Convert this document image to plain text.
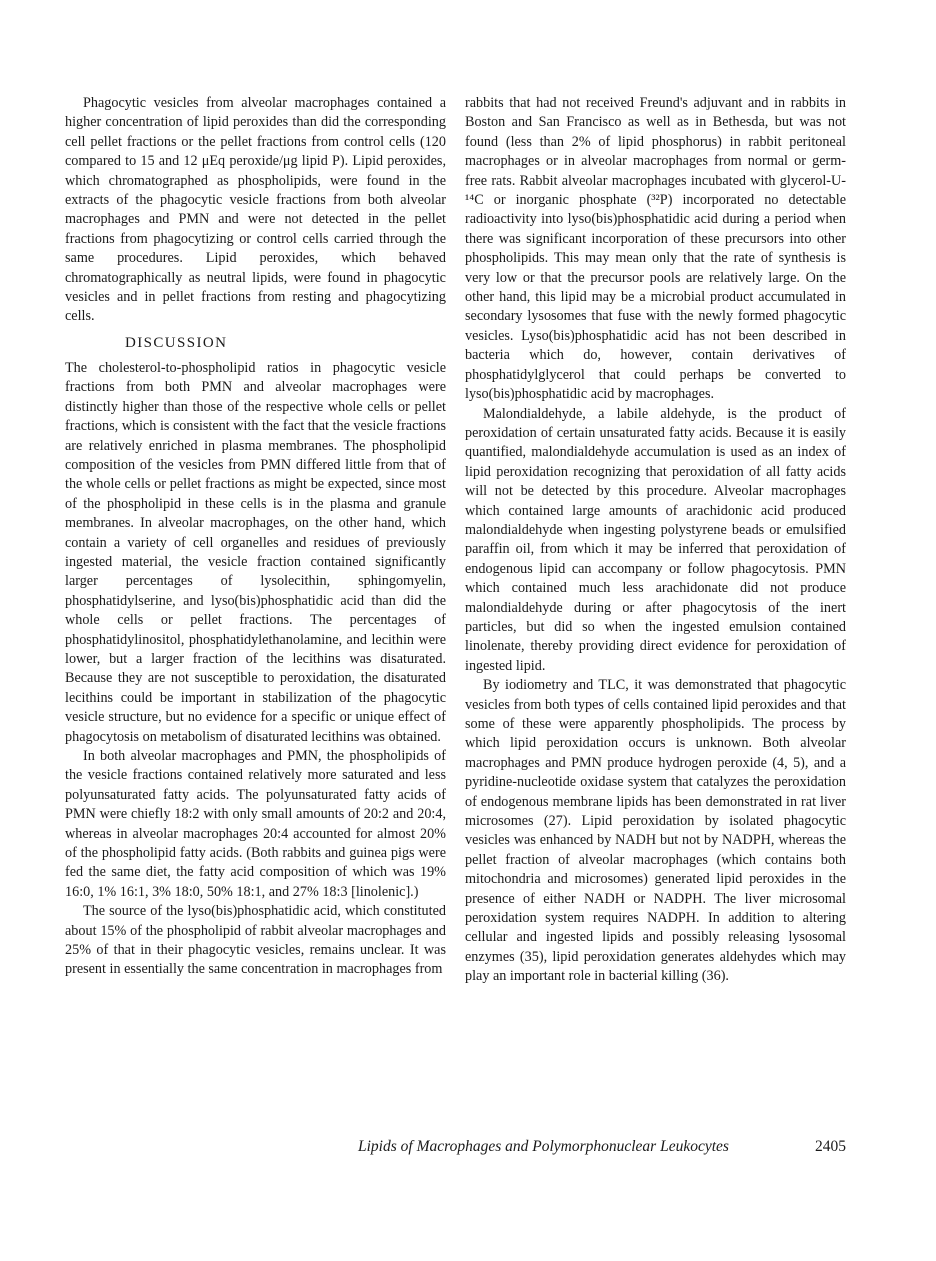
Phagocytic vesicles from alveolar macrophages contained a higher concentration of lipid peroxides than did the corresponding cell pellet fractions or the pellet fractions from control cells (120 compared to 15 and 12 μEq peroxide/μg lipid P). Lipid peroxides, which chromatographed as phospholipids, were found in the extracts of the phagocytic vesicle fractions from both alveolar macrophages and PMN and were not detected in the pellet fractions from phagocytizing or control cells carried through the same procedures. Lipid peroxides, which behaved chromatographically as neutral lipids, were found in phagocytic vesicles and in pellet fractions from resting and phagocytizing cells.

DISCUSSION

The cholesterol-to-phospholipid ratios in phagocytic vesicle fractions from both PMN and alveolar macrophages were distinctly higher than those of the respective whole cells or pellet fractions, which is consistent with the fact that the vesicle fractions are relatively enriched in plasma membranes. The phospholipid composition of the vesicles from PMN differed little from that of the whole cells or pellet fractions as might be expected, since most of the phospholipid in these cells is in the plasma and granule membranes. In alveolar macrophages, on the other hand, which contain a variety of cell organelles and residues of previously ingested material, the vesicle fraction contained significantly larger percentages of lysolecithin, sphingomyelin, phosphatidylserine, and lyso(bis)phosphatidic acid than did the whole cells or pellet fractions. The percentages of phosphatidylinositol, phosphatidylethanolamine, and lecithin were lower, but a larger fraction of the lecithins was disaturated. Because they are not susceptible to peroxidation, the disaturated lecithins could be important in stabilization of the phagocytic vesicle structure, but no evidence for a specific or unique effect of phagocytosis on metabolism of disaturated lecithins was obtained.

In both alveolar macrophages and PMN, the phospholipids of the vesicle fractions contained relatively more saturated and less polyunsaturated fatty acids. The polyunsaturated fatty acids of PMN were chiefly 18:2 with only small amounts of 20:2 and 20:4, whereas in alveolar macrophages 20:4 accounted for almost 20% of the phospholipid fatty acids. (Both rabbits and guinea pigs were fed the same diet, the fatty acid composition of which was 19% 16:0, 1% 16:1, 3% 18:0, 50% 18:1, and 27% 18:3 [linolenic].)

The source of the lyso(bis)phosphatidic acid, which constituted about 15% of the phospholipid of rabbit alveolar macrophages and 25% of that in their phagocytic vesicles, remains unclear. It was present in essentially the same concentration in macrophages from

rabbits that had not received Freund's adjuvant and in rabbits in Boston and San Francisco as well as in Bethesda, but was not found (less than 2% of lipid phosphorus) in rabbit peritoneal macrophages or in alveolar macrophages from normal or germ-free rats. Rabbit alveolar macrophages incubated with glycerol-U-¹⁴C or inorganic phosphate (³²P) incorporated no detectable radioactivity into lyso(bis)phosphatidic acid during a period when there was significant incorporation of these precursors into other phospholipids. This may mean only that the rate of synthesis is very low or that the precursor pools are relatively large. On the other hand, this lipid may be a microbial product accumulated in secondary lysosomes that fuse with the newly formed phagocytic vesicles. Lyso(bis)phosphatidic acid has not been described in bacteria which do, however, contain derivatives of phosphatidylglycerol that could perhaps be converted to lyso(bis)phosphatidic acid by macrophages.

Malondialdehyde, a labile aldehyde, is the product of peroxidation of certain unsaturated fatty acids. Because it is easily quantified, malondialdehyde accumulation is used as an index of lipid peroxidation recognizing that peroxidation of all fatty acids will not be detected by this procedure. Alveolar macrophages which contained large amounts of arachidonic acid produced malondialdehyde when ingesting polystyrene beads or emulsified paraffin oil, from which it may be inferred that peroxidation of endogenous lipid can accompany or follow phagocytosis. PMN which contained much less arachidonate did not produce malondialdehyde during or after phagocytosis of the inert particles, but did so when the ingested emulsion contained linolenate, thereby providing direct evidence for peroxidation of ingested lipid.

By iodiometry and TLC, it was demonstrated that phagocytic vesicles from both types of cells contained lipid peroxides and that some of these were apparently phospholipids. The process by which lipid peroxidation occurs is unknown. Both alveolar macrophages and PMN produce hydrogen peroxide (4, 5), and a pyridine-nucleotide oxidase system that catalyzes the peroxidation of endogenous membrane lipids has been demonstrated in rat liver microsomes (27). Lipid peroxidation by isolated phagocytic vesicles was enhanced by NADH but not by NADPH, whereas the pellet fraction of alveolar macrophages (which contains both mitochondria and microsomes) generated lipid peroxides in the presence of either NADH or NADPH. The liver microsomal peroxidation system requires NADPH. In addition to altering cellular and ingested lipids and possibly releasing lysosomal enzymes (35), lipid peroxidation generates aldehydes which may play an important role in bacterial killing (36).

Lipids of Macrophages and Polymorphonuclear Leukocytes	2405
